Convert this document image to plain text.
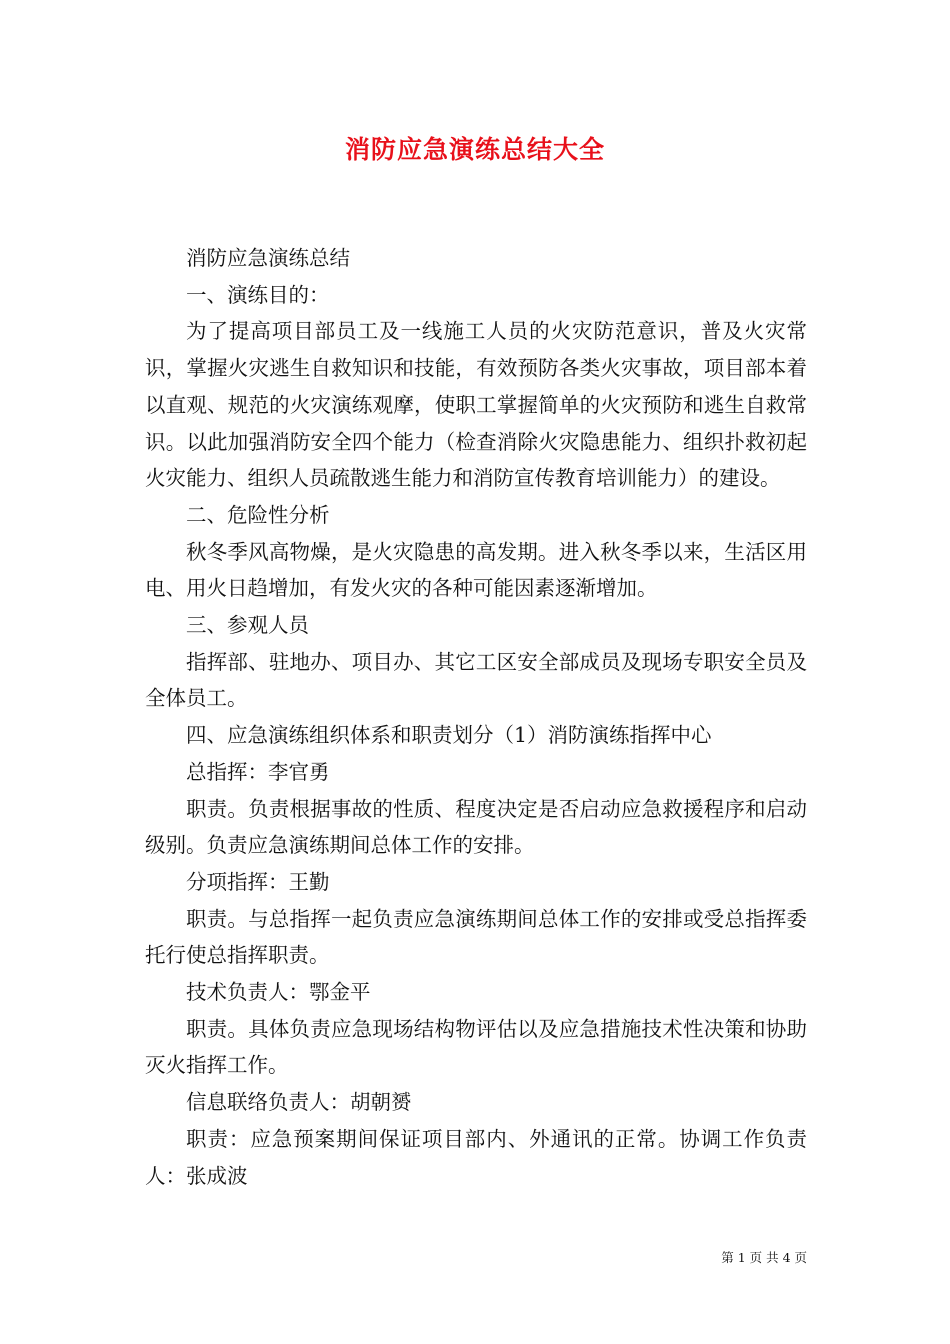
消防应急演练总结大全

消防应急演练总结

一、演练目的：

为了提高项目部员工及一线施工人员的火灾防范意识，普及火灾常识，掌握火灾逃生自救知识和技能，有效预防各类火灾事故，项目部本着以直观、规范的火灾演练观摩，使职工掌握简单的火灾预防和逃生自救常识。以此加强消防安全四个能力（检查消除火灾隐患能力、组织扑救初起火灾能力、组织人员疏散逃生能力和消防宣传教育培训能力）的建设。

二、危险性分析

秋冬季风高物燥，是火灾隐患的高发期。进入秋冬季以来，生活区用电、用火日趋增加，有发火灾的各种可能因素逐渐增加。

三、参观人员

指挥部、驻地办、项目办、其它工区安全部成员及现场专职安全员及全体员工。

四、应急演练组织体系和职责划分（1）消防演练指挥中心

总指挥：李官勇

职责。负责根据事故的性质、程度决定是否启动应急救援程序和启动级别。负责应急演练期间总体工作的安排。

分项指挥：王勤

职责。与总指挥一起负责应急演练期间总体工作的安排或受总指挥委托行使总指挥职责。

技术负责人：鄂金平

职责。具体负责应急现场结构物评估以及应急措施技术性决策和协助灭火指挥工作。

信息联络负责人：胡朝赟

职责：应急预案期间保证项目部内、外通讯的正常。协调工作负责人：张成波

第 1 页 共 4 页
